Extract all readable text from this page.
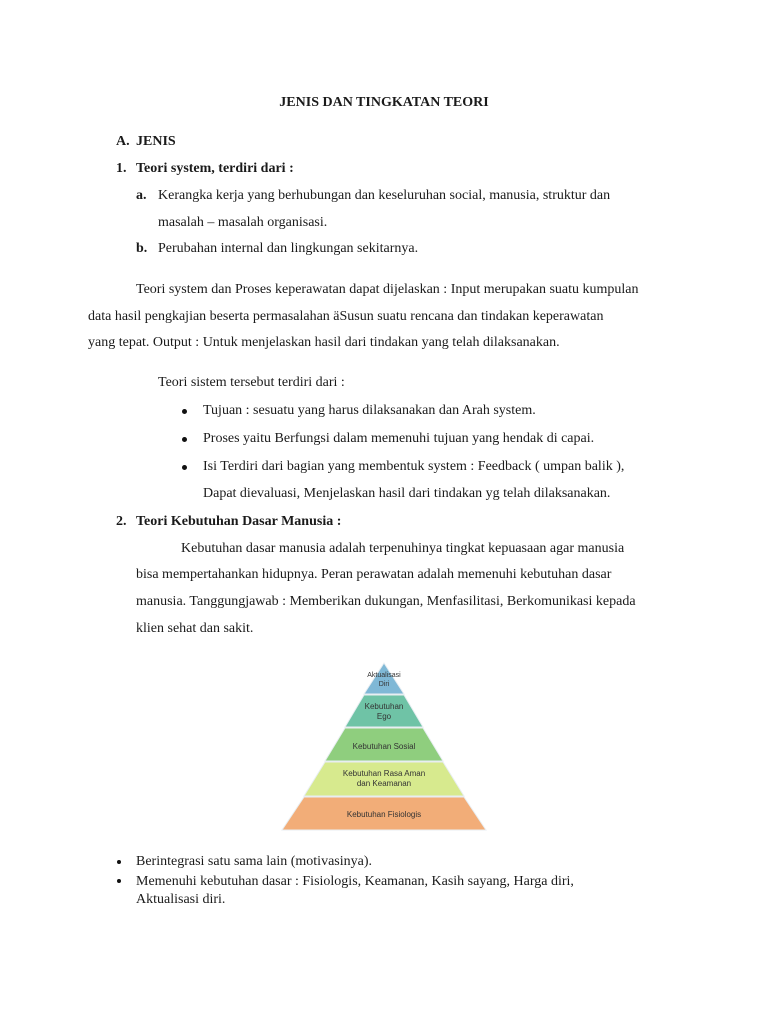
JENIS DAN TINGKATAN TEORI
A. JENIS
1. Teori system, terdiri dari :
a. Kerangka kerja yang berhubungan dan keseluruhan social, manusia, struktur dan
masalah – masalah organisasi.
b. Perubahan internal dan lingkungan sekitarnya.
Teori system dan Proses keperawatan dapat dijelaskan : Input merupakan suatu kumpulan
data hasil pengkajian beserta permasalahan äSusun suatu rencana dan tindakan keperawatan
yang tepat. Output : Untuk menjelaskan hasil dari tindakan yang telah dilaksanakan.
Teori sistem tersebut terdiri dari :
Tujuan : sesuatu yang harus dilaksanakan dan Arah system.
Proses yaitu Berfungsi dalam memenuhi tujuan yang hendak di capai.
Isi Terdiri dari bagian yang membentuk system : Feedback ( umpan balik ),
Dapat dievaluasi, Menjelaskan hasil dari tindakan yg telah dilaksanakan.
2. Teori Kebutuhan Dasar Manusia :
Kebutuhan dasar manusia adalah terpenuhinya tingkat kepuasaan agar manusia
bisa mempertahankan hidupnya. Peran perawatan adalah memenuhi kebutuhan dasar
manusia. Tanggungjawab : Memberikan dukungan, Menfasilitasi, Berkomunikasi kepada
klien sehat dan sakit.
Aktualisasi
Diri
Kebutuhan
Ego
Kebutuhan Sosial
Kebutuhan Rasa Aman
dan Keamanan
Kebutuhan Fisiologis
Berintegrasi satu sama lain (motivasinya).
Memenuhi kebutuhan dasar : Fisiologis, Keamanan, Kasih sayang, Harga diri,
Aktualisasi diri.
